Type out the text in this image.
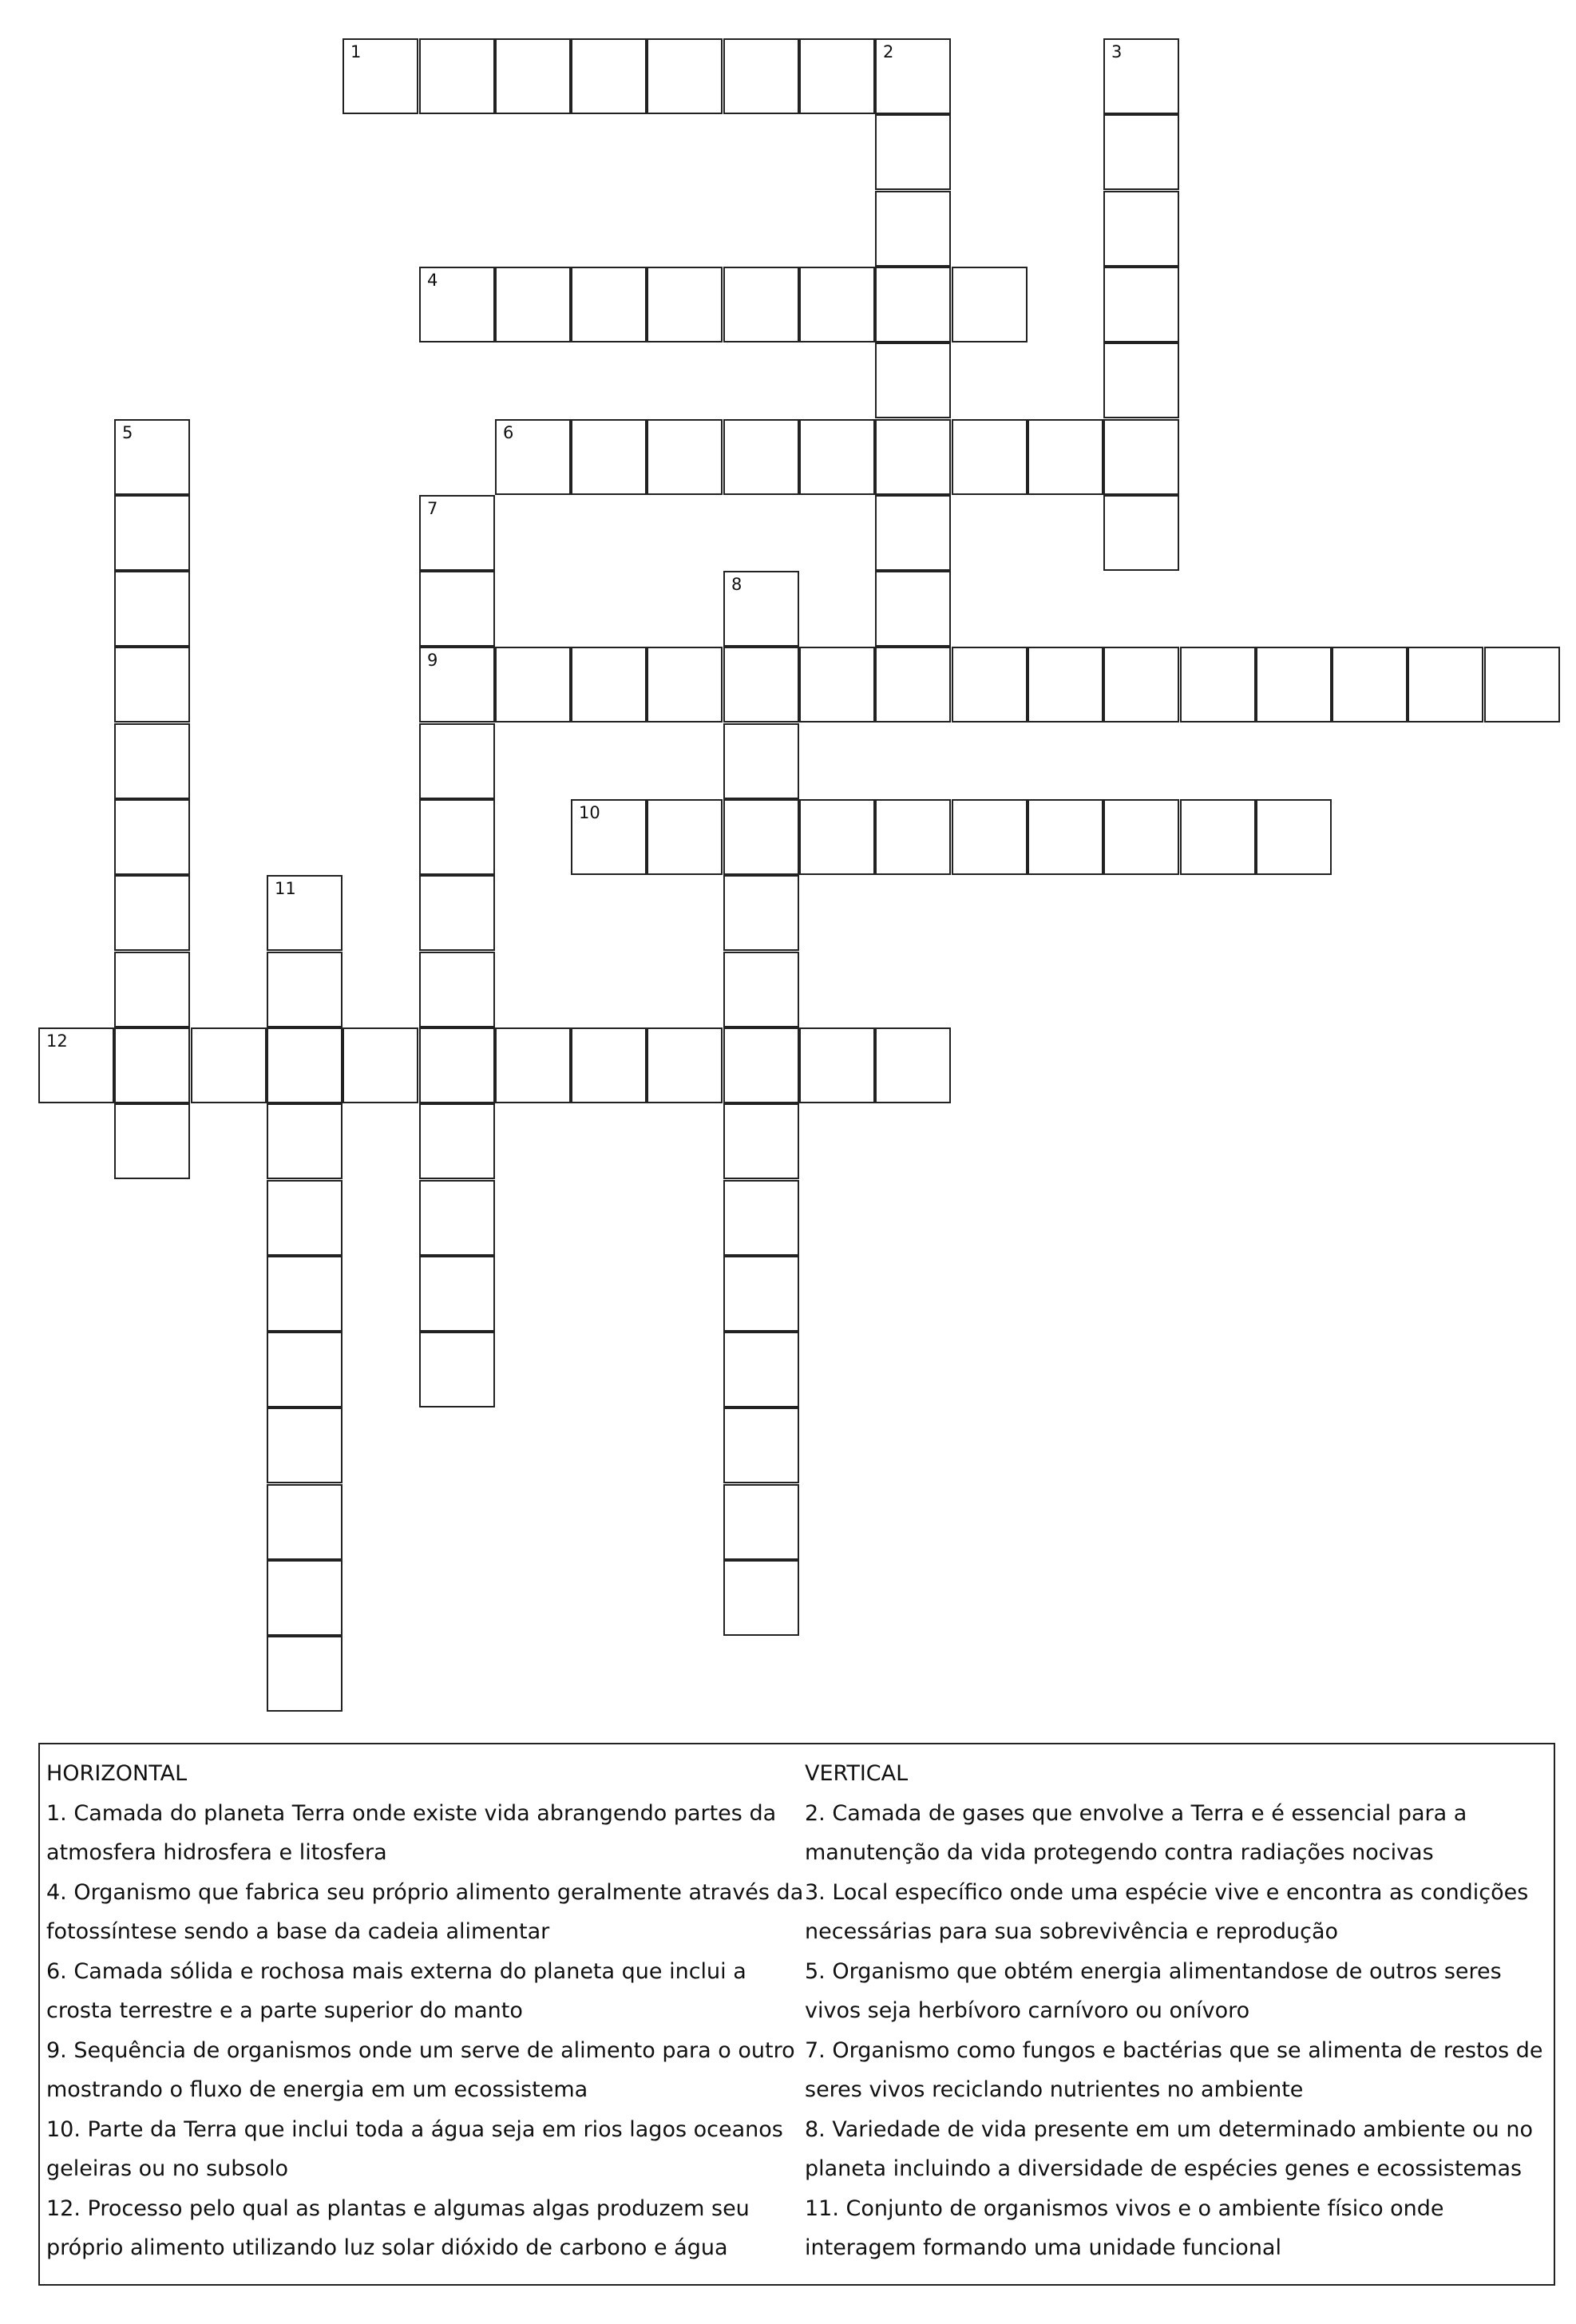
1	2	3
4
5	6
7
8
9
10
11
12

HORIZONTAL

1. Camada do planeta Terra onde existe vida abrangendo partes da atmosfera hidrosfera e litosfera

4. Organismo que fabrica seu próprio alimento geralmente através da fotossíntese sendo a base da cadeia alimentar

6. Camada sólida e rochosa mais externa do planeta que inclui a crosta terrestre e a parte superior do manto

9. Sequência de organismos onde um serve de alimento para o outro mostrando o fluxo de energia em um ecossistema

10. Parte da Terra que inclui toda a água seja em rios lagos oceanos geleiras ou no subsolo

12. Processo pelo qual as plantas e algumas algas produzem seu próprio alimento utilizando luz solar dióxido de carbono e água

VERTICAL

2. Camada de gases que envolve a Terra e é essencial para a manutenção da vida protegendo contra radiações nocivas

3. Local específico onde uma espécie vive e encontra as condições necessárias para sua sobrevivência e reprodução

5. Organismo que obtém energia alimentandose de outros seres vivos seja herbívoro carnívoro ou onívoro

7. Organismo como fungos e bactérias que se alimenta de restos de seres vivos reciclando nutrientes no ambiente

8. Variedade de vida presente em um determinado ambiente ou no planeta incluindo a diversidade de espécies genes e ecossistemas

11. Conjunto de organismos vivos e o ambiente físico onde interagem formando uma unidade funcional
